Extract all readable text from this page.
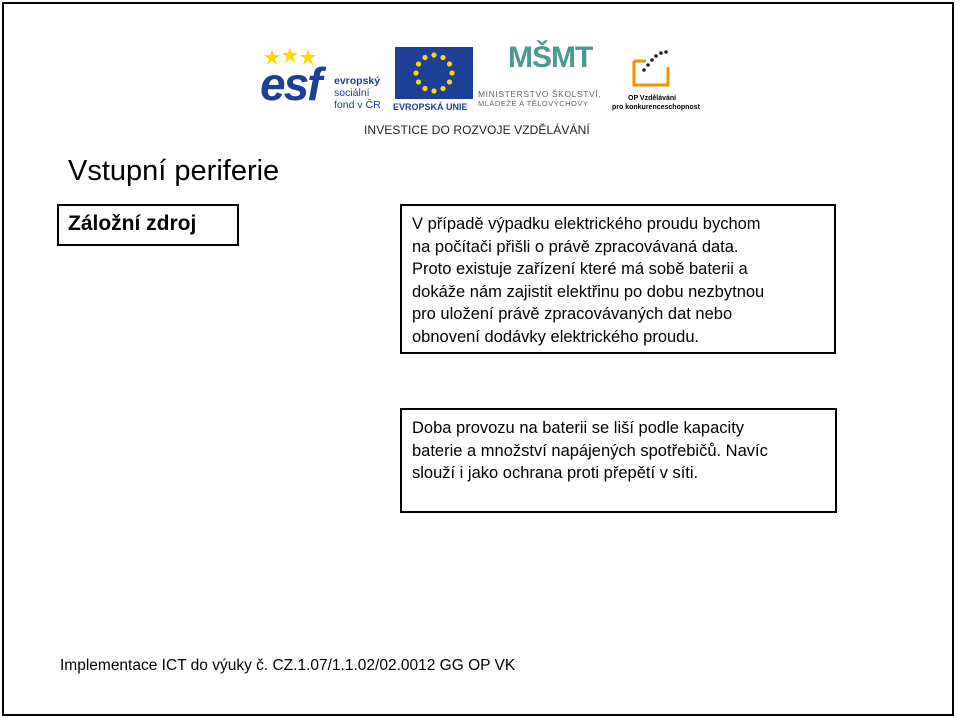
esf evropský
sociální
fond v ČR EVROPSKÁ UNIE
MŠMT
MINISTERSTVO ŠKOLSTVÍ,
MLÁDEŽE A TĚLOVÝCHOVY
OP Vzdělávání
pro konkurenceschopnost
INVESTICE DO ROZVOJE VZDĚLÁVÁNÍ
Vstupní periferie
Záložní zdroj	V případě výpadku elektrického proudu bychom

na počítači přišli o právě zpracovávaná data.

Proto existuje zařízení které má sobě baterii a

dokáže nám zajistit elektřinu po dobu nezbytnou

pro uložení právě zpracovávaných dat nebo

obnovení dodávky elektrického proudu.

Doba provozu na baterii se liší podle kapacity

baterie a množství napájených spotřebičů. Navíc

slouží i jako ochrana proti přepětí v síti.

Implementace ICT do výuky č. CZ.1.07/1.1.02/02.0012 GG OP VK
